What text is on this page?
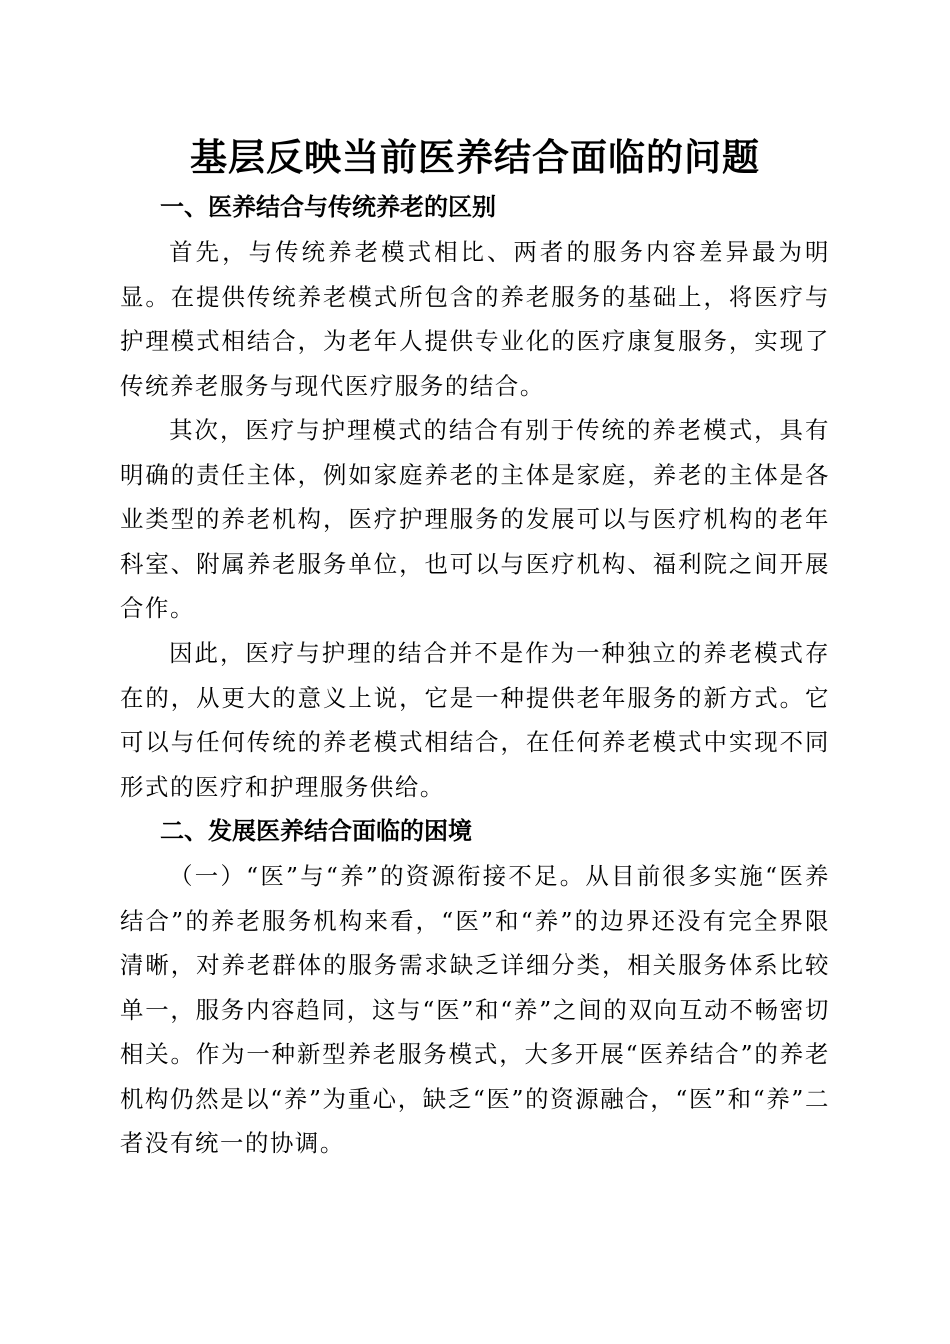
基层反映当前医养结合面临的问题
一、医养结合与传统养老的区别

首先，与传统养老模式相比、两者的服务内容差异最为明显。在提供传统养老模式所包含的养老服务的基础上，将医疗与护理模式相结合，为老年人提供专业化的医疗康复服务，实现了传统养老服务与现代医疗服务的结合。

其次，医疗与护理模式的结合有别于传统的养老模式，具有明确的责任主体，例如家庭养老的主体是家庭，养老的主体是各业类型的养老机构，医疗护理服务的发展可以与医疗机构的老年科室、附属养老服务单位，也可以与医疗机构、福利院之间开展合作。

因此，医疗与护理的结合并不是作为一种独立的养老模式存在的，从更大的意义上说，它是一种提供老年服务的新方式。它可以与任何传统的养老模式相结合，在任何养老模式中实现不同形式的医疗和护理服务供给。

二、发展医养结合面临的困境

（一）“医”与“养”的资源衔接不足。从目前很多实施“医养结合”的养老服务机构来看，“医”和“养”的边界还没有完全界限清晰，对养老群体的服务需求缺乏详细分类，相关服务体系比较单一，服务内容趋同，这与“医”和“养”之间的双向互动不畅密切相关。作为一种新型养老服务模式，大多开展“医养结合”的养老机构仍然是以“养”为重心，缺乏“医”的资源融合，“医”和“养”二者没有统一的协调。
